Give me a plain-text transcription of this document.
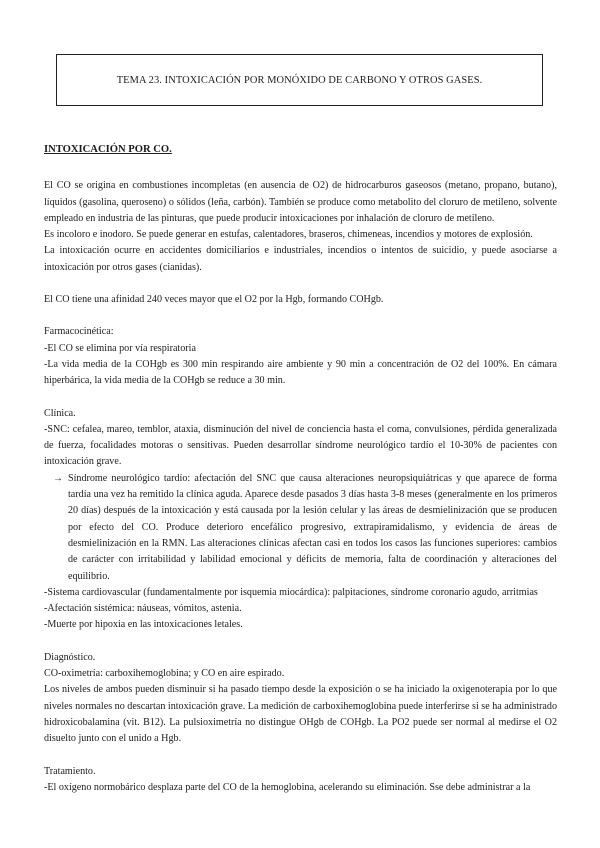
TEMA 23. INTOXICACIÓN POR MONÓXIDO DE CARBONO Y OTROS GASES.
INTOXICACIÓN POR CO.

El CO se origina en combustiones incompletas (en ausencia de O2) de hidrocarburos gaseosos (metano, propano, butano), líquidos (gasolina, queroseno) o sólidos (leña, carbón). También se produce como metabolito del cloruro de metileno, solvente empleado en industria de las pinturas, que puede producir intoxicaciones por inhalación de cloruro de metileno.

Es incoloro e inodoro. Se puede generar en estufas, calentadores, braseros, chimeneas, incendios y motores de explosión.

La intoxicación ocurre en accidentes domiciliarios e industriales, incendios o intentos de suicidio, y puede asociarse a intoxicación por otros gases (cianidas).

El CO tiene una afinidad 240 veces mayor que el O2 por la Hgb, formando COHgb.

Farmacocinética:

-El CO se elimina por vía respiratoria

-La vida media de la COHgb es 300 min respirando aire ambiente y 90 min a concentración de O2 del 100%. En cámara hiperbárica, la vida media de la COHgb se reduce a 30 min.

Clínica.

-SNC: cefalea, mareo, temblor, ataxia, disminución del nivel de conciencia hasta el coma, convulsiones, pérdida generalizada de fuerza, focalidades motoras o sensitivas. Pueden desarrollar síndrome neurológico tardío el 10-30% de pacientes con intoxicación grave.

→ Síndrome neurológico tardío: afectación del SNC que causa alteraciones neuropsiquiátricas y que aparece de forma tardía una vez ha remitido la clínica aguda. Aparece desde pasados 3 días hasta 3-8 meses (generalmente en los primeros 20 días) después de la intoxicación y está causada por la lesión celular y las áreas de desmielinización que se producen por efecto del CO. Produce deterioro encefálico progresivo, extrapiramidalismo, y evidencia de áreas de desmielinización en la RMN. Las alteraciones clínicas afectan casi en todos los casos las funciones superiores: cambios de carácter con irritabilidad y labilidad emocional y déficits de memoria, falta de coordinación y alteraciones del equilibrio.

-Sistema cardiovascular (fundamentalmente por isquemia miocárdica): palpitaciones, síndrome coronario agudo, arritmias

-Afectación sistémica: náuseas, vómitos, astenia.

-Muerte por hipoxia en las intoxicaciones letales.

Diagnóstico.

CO-oximetría: carboxihemoglobina; y CO en aire espirado.

Los niveles de ambos pueden disminuir si ha pasado tiempo desde la exposición o se ha iniciado la oxigenoterapia por lo que niveles normales no descartan intoxicación grave. La medición de carboxihemoglobina puede interferirse si se ha administrado hidroxicobalamina (vit. B12). La pulsioximetría no distingue OHgb de COHgb. La PO2 puede ser normal al medirse el O2 disuelto junto con el unido a Hgb.

Tratamiento.

-El oxígeno normobárico desplaza parte del CO de la hemoglobina, acelerando su eliminación. Sse debe administrar a la
